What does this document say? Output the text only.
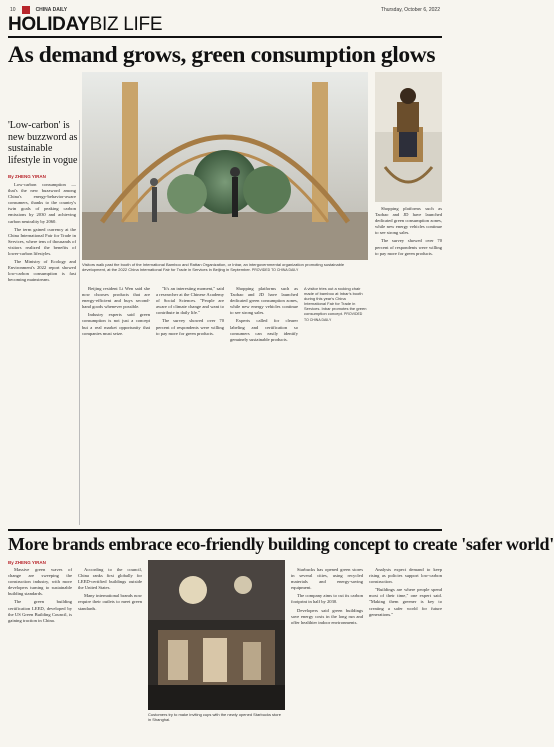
10	CHINA DAILY	Thursday, October 6, 2022
HOLIDAYBIZ LIFE
As demand grows, green consumption glows
'Low-carbon' is new buzzword as sustainable lifestyle in vogue
By ZHENG YIRAN

Low-carbon consumption — that's the new buzzword among China's energy-behavior-aware consumers, thanks to the country's twin goals of peaking carbon emissions by 2030 and achieving carbon neutrality by 2060.

The term gained currency at the China International Fair for Trade in Services, where tens of thousands of visitors realized the benefits of lower-carbon lifestyles.

The Ministry of Ecology and Environment's 2022 report showed low-carbon consumption is fast becoming mainstream.

Visitors walk past the booth of the International Bamboo and Rattan Organization, or Inbar, an intergovernmental organization promoting sustainable development, at the 2022 China International Fair for Trade in Services in Beijing in September. PROVIDED TO CHINA DAILY

Beijing resident Li Wen said she now chooses products that are energy-efficient and buys second-hand goods whenever possible.

Industry experts said green consumption is not just a concept but a real market opportunity that companies must seize.

"It's an interesting moment," said a researcher at the Chinese Academy of Social Sciences. "People are aware of climate change and want to contribute in daily life."

The survey showed over 70 percent of respondents were willing to pay more for green products.

Shopping platforms such as Taobao and JD have launched dedicated green consumption zones, while new energy vehicles continue to see strong sales.

Experts called for clearer labeling and certification so consumers can easily identify genuinely sustainable products.

A visitor tries out a rocking chair made of bamboo at Inbar's booth during this year's China International Fair for Trade in Services. Inbar promotes the green consumption concept. PROVIDED TO CHINA DAILY

Shopping platforms such as Taobao and JD have launched dedicated green consumption zones, while new energy vehicles continue to see strong sales.

The survey showed over 70 percent of respondents were willing to pay more for green products.

More brands embrace eco-friendly building concept to create 'safer world'
By ZHENG YIRAN

Massive green waves of change are sweeping the construction industry, with more developers turning to sustainable building standards.

The green building certification LEED, developed by the US Green Building Council, is gaining traction in China.

According to the council, China ranks first globally for LEED-certified buildings outside the United States.

Many international brands now require their outlets to meet green standards.

Customers try to make inviting cups with the newly opened Starbucks store in Shanghai.

Starbucks has opened green stores in several cities, using recycled materials and energy-saving equipment.

The company aims to cut its carbon footprint in half by 2030.

Developers said green buildings save energy costs in the long run and offer healthier indoor environments.

Analysts expect demand to keep rising as policies support low-carbon construction.

"Buildings are where people spend most of their time," one expert said. "Making them greener is key to creating a safer world for future generations."
